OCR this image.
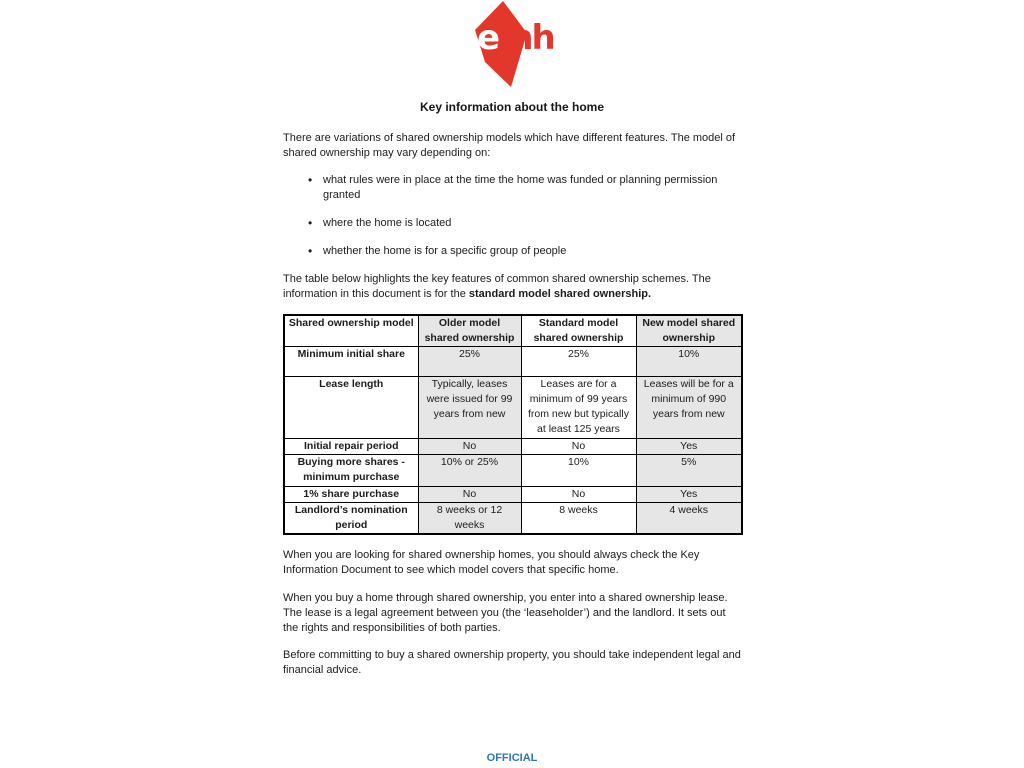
emh
Key information about the home

There are variations of shared ownership models which have different features. The model of shared ownership may vary depending on:

• what rules were in place at the time the home was funded or planning permission granted
• where the home is located
• whether the home is for a specific group of people

The table below highlights the key features of common shared ownership schemes. The information in this document is for the standard model shared ownership.

Shared ownership model	Older model shared ownership	Standard model shared ownership	New model shared ownership
Minimum initial share	25%	25%	10%
Lease length	Typically, leases were issued for 99 years from new	Leases are for a minimum of 99 years from new but typically at least 125 years	Leases will be for a minimum of 990 years from new
Initial repair period	No	No	Yes
Buying more shares - minimum purchase	10% or 25%	10%	5%
1% share purchase	No	No	Yes
Landlord’s nomination period	8 weeks or 12 weeks	8 weeks	4 weeks

When you are looking for shared ownership homes, you should always check the Key Information Document to see which model covers that specific home.

When you buy a home through shared ownership, you enter into a shared ownership lease. The lease is a legal agreement between you (the ‘leaseholder’) and the landlord. It sets out the rights and responsibilities of both parties.

Before committing to buy a shared ownership property, you should take independent legal and financial advice.

OFFICIAL
